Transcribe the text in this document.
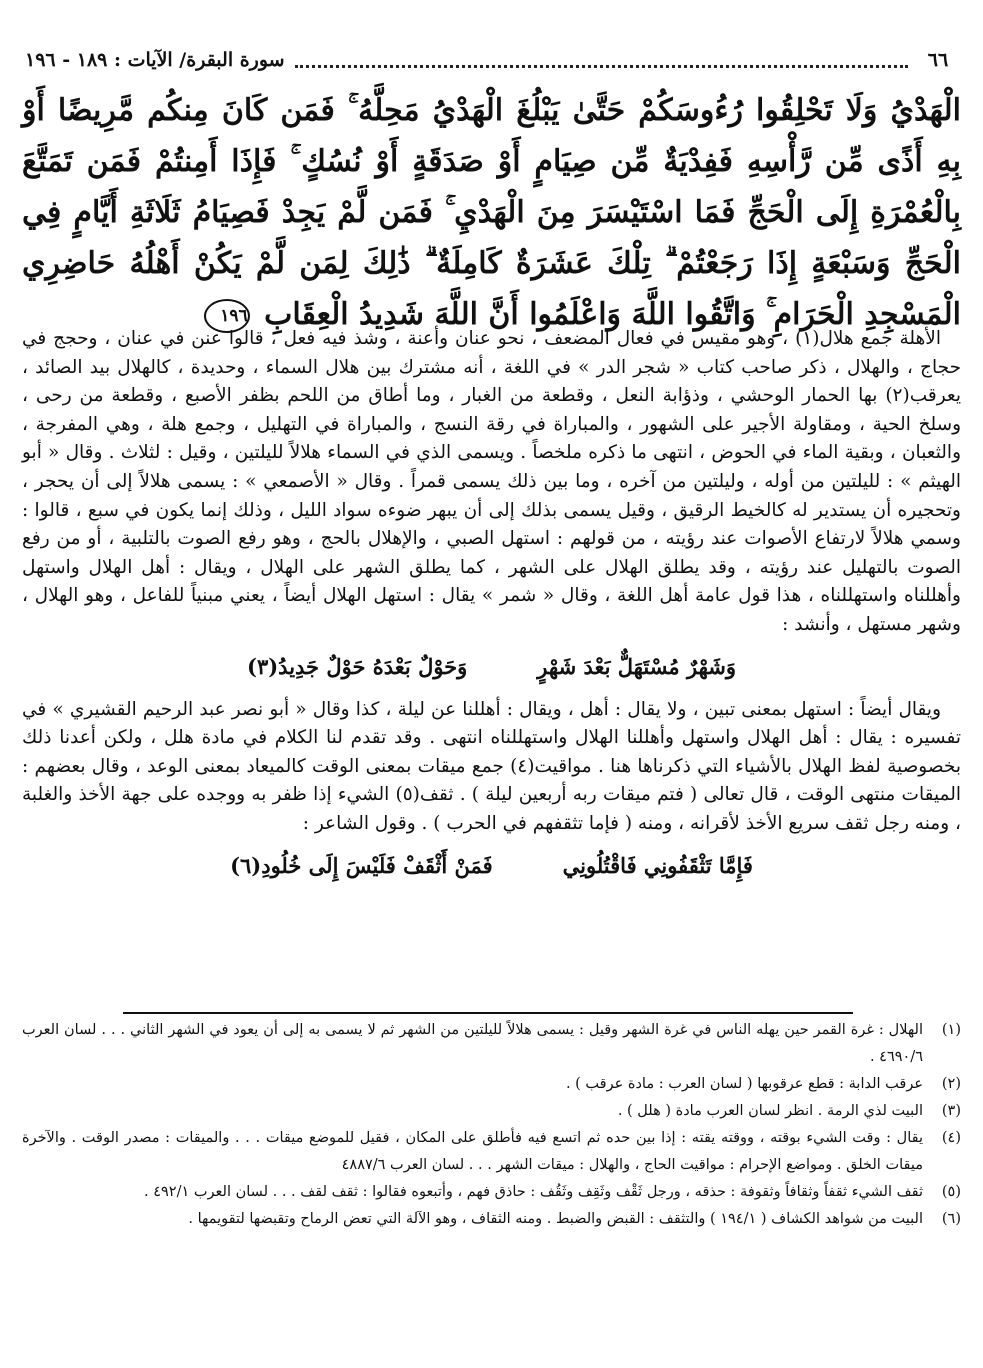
٦٦
سورة البقرة/ الآيات : ١٨٩ - ١٩٦
الْهَدْيُ وَلَا تَحْلِقُوا رُءُوسَكُمْ حَتَّىٰ يَبْلُغَ الْهَدْيُ مَحِلَّهُ ۚ فَمَن كَانَ مِنكُم مَّرِيضًا أَوْ بِهِ أَذًى مِّن رَّأْسِهِ فَفِدْيَةٌ مِّن صِيَامٍ أَوْ صَدَقَةٍ أَوْ نُسُكٍ ۚ فَإِذَا أَمِنتُمْ فَمَن تَمَتَّعَ بِالْعُمْرَةِ إِلَى الْحَجِّ فَمَا اسْتَيْسَرَ مِنَ الْهَدْيِ ۚ فَمَن لَّمْ يَجِدْ فَصِيَامُ ثَلَاثَةِ أَيَّامٍ فِي الْحَجِّ وَسَبْعَةٍ إِذَا رَجَعْتُمْ ۗ تِلْكَ عَشَرَةٌ كَامِلَةٌ ۗ ذَٰلِكَ لِمَن لَّمْ يَكُنْ أَهْلُهُ حَاضِرِي الْمَسْجِدِ الْحَرَامِ ۚ وَاتَّقُوا اللَّهَ وَاعْلَمُوا أَنَّ اللَّهَ شَدِيدُ الْعِقَابِ ١٩٦

الأهلة جمع هلال(١) ، وهو مقيس في فعال المضعف ، نحو عنان وأعنة ، وشذ فيه فعل ، قالوا عنن في عنان ، وحجج في حجاج ، والهلال ، ذكر صاحب كتاب « شجر الدر » في اللغة ، أنه مشترك بين هلال السماء ، وحديدة ، كالهلال بيد الصائد ، يعرقب(٢) بها الحمار الوحشي ، وذؤابة النعل ، وقطعة من الغبار ، وما أطاق من اللحم بظفر الأصبع ، وقطعة من رحى ، وسلخ الحية ، ومقاولة الأجير على الشهور ، والمباراة في رقة النسج ، والمباراة في التهليل ، وجمع هلة ، وهي المفرجة ، والثعبان ، وبقية الماء في الحوض ، انتهى ما ذكره ملخصاً . ويسمى الذي في السماء هلالاً لليلتين ، وقيل : لثلاث . وقال « أبو الهيثم » : لليلتين من أوله ، وليلتين من آخره ، وما بين ذلك يسمى قمراً . وقال « الأصمعي » : يسمى هلالاً إلى أن يحجر ، وتحجيره أن يستدير له كالخيط الرقيق ، وقيل يسمى بذلك إلى أن يبهر ضوءه سواد الليل ، وذلك إنما يكون في سبع ، قالوا : وسمي هلالاً لارتفاع الأصوات عند رؤيته ، من قولهم : استهل الصبي ، والإهلال بالحج ، وهو رفع الصوت بالتلبية ، أو من رفع الصوت بالتهليل عند رؤيته ، وقد يطلق الهلال على الشهر ، كما يطلق الشهر على الهلال ، ويقال : أهل الهلال واستهل وأهللناه واستهللناه ، هذا قول عامة أهل اللغة ، وقال « شمر » يقال : استهل الهلال أيضاً ، يعني مبنياً للفاعل ، وهو الهلال ، وشهر مستهل ، وأنشد :

وَشَهْرٌ مُسْتَهَلٌّ بَعْدَ شَهْرٍ
وَحَوْلٌ بَعْدَهُ حَوْلٌ جَدِيدُ(٣)

ويقال أيضاً : استهل بمعنى تبين ، ولا يقال : أهل ، ويقال : أهللنا عن ليلة ، كذا وقال « أبو نصر عبد الرحيم القشيري » في تفسيره : يقال : أهل الهلال واستهل وأهللنا الهلال واستهللناه انتهى . وقد تقدم لنا الكلام في مادة هلل ، ولكن أعدنا ذلك بخصوصية لفظ الهلال بالأشياء التي ذكرناها هنا . مواقيت(٤) جمع ميقات بمعنى الوقت كالميعاد بمعنى الوعد ، وقال بعضهم : الميقات منتهى الوقت ، قال تعالى ( فتم ميقات ربه أربعين ليلة ) . ثقف(٥) الشيء إذا ظفر به ووجده على جهة الأخذ والغلبة ، ومنه رجل ثقف سريع الأخذ لأقرانه ، ومنه ( فإما تثقفهم في الحرب ) . وقول الشاعر :

فَإِمَّا تَثْقَفُونِي فَاقْتُلُونِي
فَمَنْ أَثْقَفْ فَلَيْسَ إِلَى خُلُودِ(٦)
(١)
الهلال : غرة القمر حين يهله الناس في غرة الشهر وقيل : يسمى هلالاً لليلتين من الشهر ثم لا يسمى به إلى أن يعود في الشهر الثاني . . . لسان العرب ٤٦٩٠/٦ .
(٢)
عرقب الدابة : قطع عرقوبها ( لسان العرب : مادة عرقب ) .
(٣)
البيت لذي الرمة . انظر لسان العرب مادة ( هلل ) .
(٤)
يقال : وقت الشيء بوقته ، ووقته يقته : إذا بين حده ثم اتسع فيه فأطلق على المكان ، فقيل للموضع ميقات . . . والميقات : مصدر الوقت . والآخرة ميقات الخلق . ومواضع الإحرام : مواقيت الحاج ، والهلال : ميقات الشهر . . . لسان العرب ٤٨٨٧/٦
(٥)
ثقف الشيء ثقفاً وثقافاً وثقوفة : حذقه ، ورجل ثَقْف وثَقِف وثَقُف : حاذق فهم ، وأتبعوه فقالوا : ثقف لقف . . . لسان العرب ٤٩٢/١ .
(٦)
البيت من شواهد الكشاف ( ١٩٤/١ ) والتثقف : القبض والضبط . ومنه الثقاف ، وهو الآلة التي تعض الرماح وتقبضها لتقويمها .
